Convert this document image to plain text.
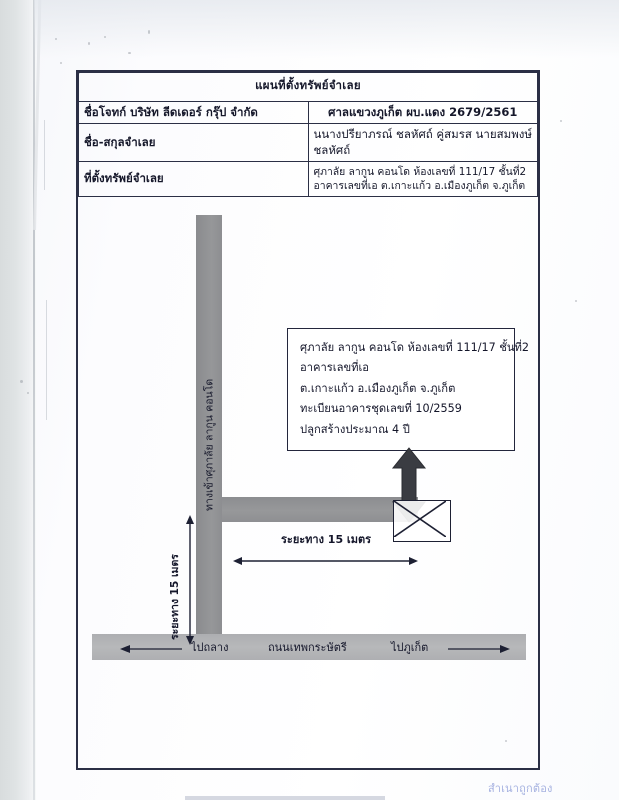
แผนที่ตั้งทรัพย์จำเลย	
ชื่อโจทก์ บริษัท ลีดเดอร์ กรุ๊ป จำกัด	ศาลแขวงภูเก็ต ผบ.แดง 2679/2561
ชื่อ-สกุลจำเลย	นนางปรียาภรณ์ ชลหัศถ์ คู่สมรส นายสมพงษ์ ชลหัศถ์
ที่ตั้งทรัพย์จำเลย	ศุภาลัย ลากูน คอนโด ห้องเลขที่ 111/17 ชั้นที่2 อาคารเลขที่เอ ต.เกาะแก้ว อ.เมืองภูเก็ต จ.ภูเก็ต
ทางเข้าศุภาลัย ลากูน คอนโด
ศุภาลัย ลากูน คอนโด ห้องเลขที่ 111/17 ชั้นที่2
อาคารเลขที่เอ
ต.เกาะแก้ว อ.เมืองภูเก็ต จ.ภูเก็ต
ทะเบียนอาคารชุดเลขที่ 10/2559
ปลูกสร้างประมาณ 4 ปี
ระยะทาง 15 เมตร
ระยะทาง 15 เมตร
ไปถลาง	ถนนเทพกระษัตรี	ไปภูเก็ต
สำเนาถูกต้อง
